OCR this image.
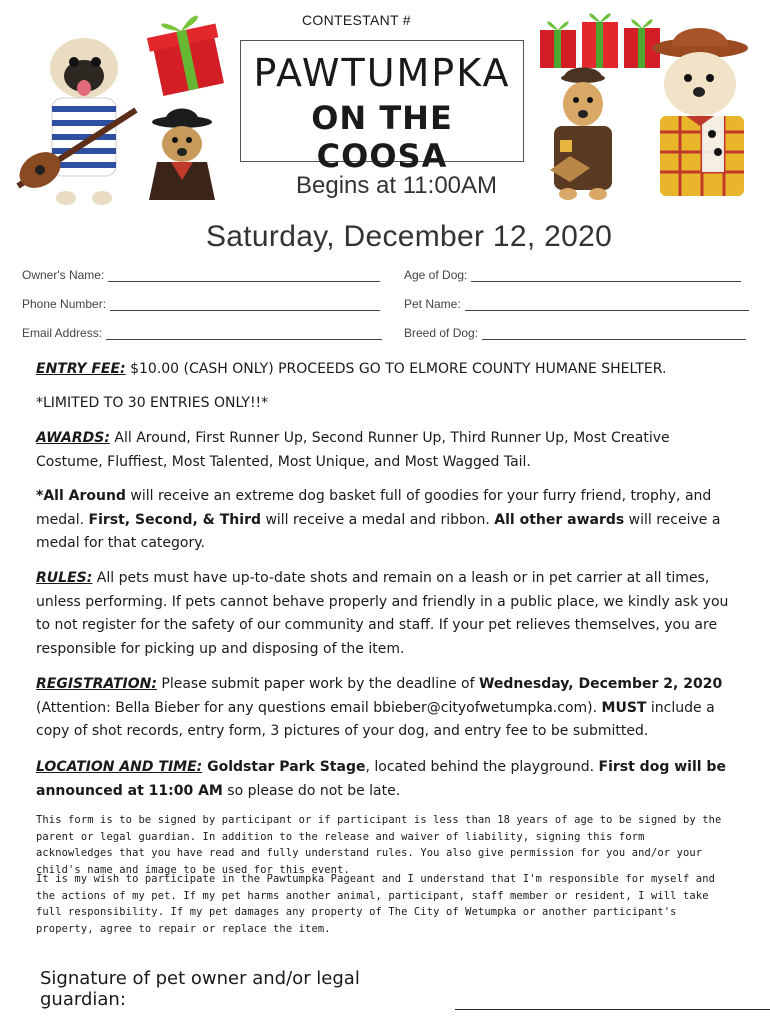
CONTESTANT #
PAWTUMPKA
ON THE COOSA
Begins at 11:00AM
Saturday, December 12, 2020
Owner's Name:	Age of Dog:
Phone Number:	Pet Name:
Email Address:	Breed of Dog:
ENTRY FEE: $10.00 (CASH ONLY) PROCEEDS GO TO ELMORE COUNTY HUMANE SHELTER.
*LIMITED TO 30 ENTRIES ONLY!!*
AWARDS: All Around, First Runner Up, Second Runner Up, Third Runner Up, Most Creative Costume, Fluffiest, Most Talented, Most Unique, and Most Wagged Tail.
*All Around will receive an extreme dog basket full of goodies for your furry friend, trophy, and medal. First, Second, & Third will receive a medal and ribbon. All other awards will receive a medal for that category.
RULES: All pets must have up-to-date shots and remain on a leash or in pet carrier at all times, unless performing. If pets cannot behave properly and friendly in a public place, we kindly ask you to not register for the safety of our community and staff. If your pet relieves themselves, you are responsible for picking up and disposing of the item.
REGISTRATION: Please submit paper work by the deadline of Wednesday, December 2, 2020 (Attention: Bella Bieber for any questions email bbieber@cityofwetumpka.com). MUST include a copy of shot records, entry form, 3 pictures of your dog, and entry fee to be submitted.
LOCATION AND TIME: Goldstar Park Stage, located behind the playground. First dog will be announced at 11:00 AM so please do not be late.
This form is to be signed by participant or if participant is less than 18 years of age to be signed by the parent or legal guardian. In addition to the release and waiver of liability, signing this form acknowledges that you have read and fully understand rules. You also give permission for you and/or your child's name and image to be used for this event.
It is my wish to participate in the Pawtumpka Pageant and I understand that I'm responsible for myself and the actions of my pet. If my pet harms another animal, participant, staff member or resident, I will take full responsibility. If my pet damages any property of The City of Wetumpka or another participant's property, agree to repair or replace the item.
Signature of pet owner and/or legal guardian:
